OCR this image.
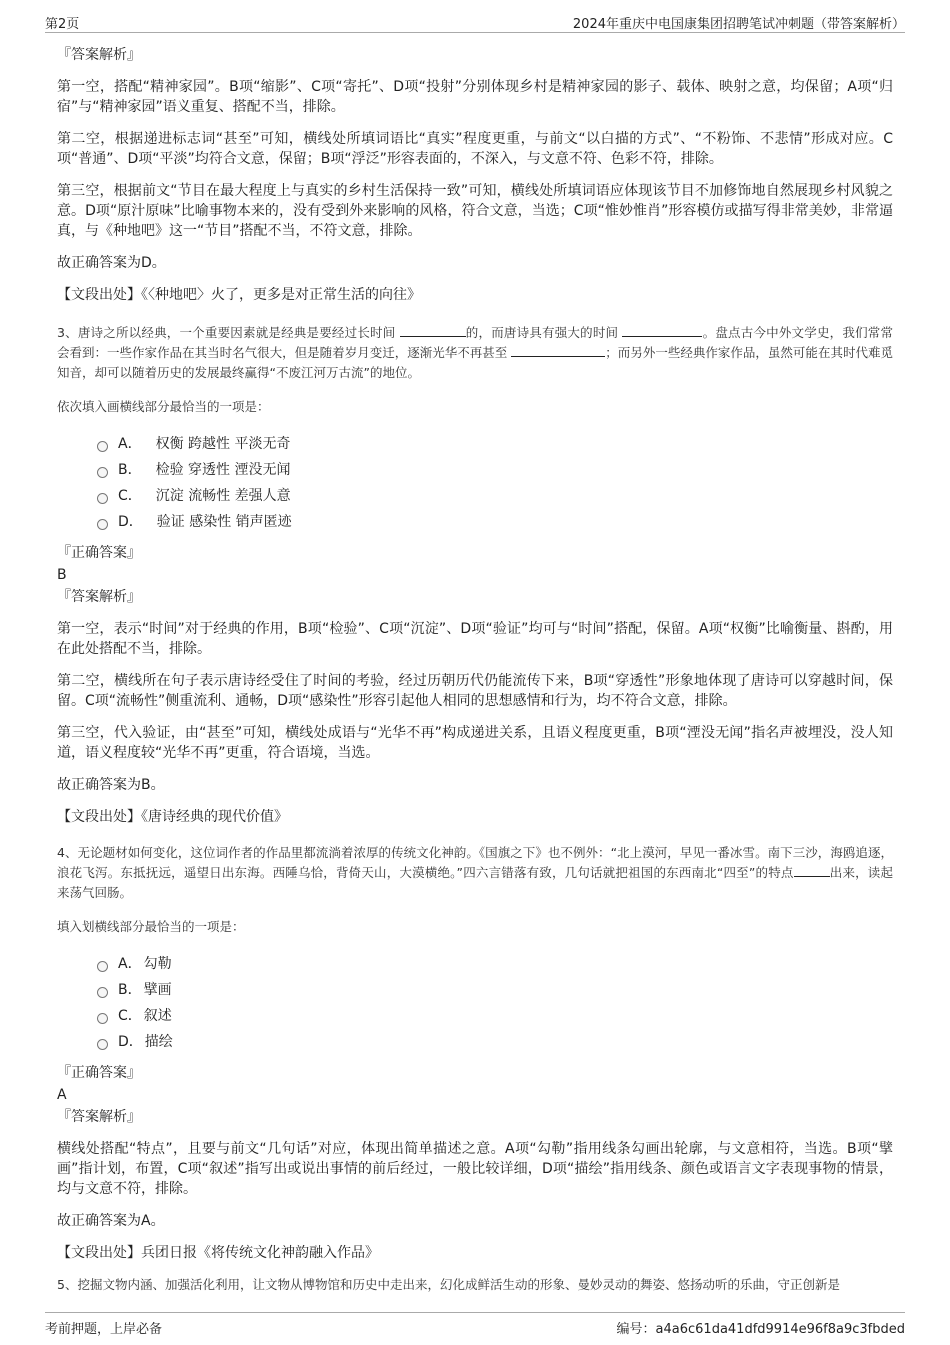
第2页	2024年重庆中电国康集团招聘笔试冲刺题（带答案解析）
『答案解析』

第一空，搭配“精神家园”。B项“缩影”、C项“寄托”、D项“投射”分别体现乡村是精神家园的影子、载体、映射之意，均保留；A项“归宿”与“精神家园”语义重复、搭配不当，排除。

第二空，根据递进标志词“甚至”可知，横线处所填词语比“真实”程度更重，与前文“以白描的方式”、“不粉饰、不悲情”形成对应。C项“普通”、D项“平淡”均符合文意，保留；B项“浮泛”形容表面的，不深入，与文意不符、色彩不符，排除。

第三空，根据前文“节目在最大程度上与真实的乡村生活保持一致”可知，横线处所填词语应体现该节目不加修饰地自然展现乡村风貌之意。D项“原汁原味”比喻事物本来的，没有受到外来影响的风格，符合文意，当选；C项“惟妙惟肖”形容模仿或描写得非常美妙，非常逼真，与《种地吧》这一“节目”搭配不当，不符文意，排除。

故正确答案为D。

【文段出处】《〈种地吧〉火了，更多是对正常生活的向往》

3、唐诗之所以经典，一个重要因素就是经典是要经过长时间	的，而唐诗具有强大的时间	。盘点古今中外文学史，我们常常会看到：一些作家作品在其当时名气很大，但是随着岁月变迁，逐渐光华不再甚至	；而另外一些经典作家作品，虽然可能在其时代难觅知音，却可以随着历史的发展最终赢得“不废江河万古流”的地位。

依次填入画横线部分最恰当的一项是：

A． 权衡 跨越性 平淡无奇
B． 检验 穿透性 湮没无闻
C． 沉淀 流畅性 差强人意
D． 验证 感染性 销声匿迹
『正确答案』
B
『答案解析』

第一空，表示“时间”对于经典的作用，B项“检验”、C项“沉淀”、D项“验证”均可与“时间”搭配，保留。A项“权衡”比喻衡量、斟酌，用在此处搭配不当，排除。

第二空，横线所在句子表示唐诗经受住了时间的考验，经过历朝历代仍能流传下来，B项“穿透性”形象地体现了唐诗可以穿越时间，保留。C项“流畅性”侧重流利、通畅，D项“感染性”形容引起他人相同的思想感情和行为，均不符合文意，排除。

第三空，代入验证，由“甚至”可知，横线处成语与“光华不再”构成递进关系，且语义程度更重，B项“湮没无闻”指名声被埋没，没人知道，语义程度较“光华不再”更重，符合语境，当选。

故正确答案为B。

【文段出处】《唐诗经典的现代价值》

4、无论题材如何变化，这位词作者的作品里都流淌着浓厚的传统文化神韵。《国旗之下》也不例外：“北上漠河，早见一番冰雪。南下三沙，海鸥追逐，浪花飞泻。东抵抚远，遥望日出东海。西陲乌恰，背倚天山，大漠横绝。”四六言错落有致，几句话就把祖国的东西南北“四至”的特点	出来，读起来荡气回肠。

填入划横线部分最恰当的一项是：

A． 勾勒
B． 擘画
C． 叙述
D． 描绘
『正确答案』
A
『答案解析』

横线处搭配“特点”，且要与前文“几句话”对应，体现出简单描述之意。A项“勾勒”指用线条勾画出轮廓，与文意相符，当选。B项“擘画”指计划，布置，C项“叙述”指写出或说出事情的前后经过，一般比较详细，D项“描绘”指用线条、颜色或语言文字表现事物的情景，均与文意不符，排除。

故正确答案为A。

【文段出处】兵团日报《将传统文化神韵融入作品》

5、挖掘文物内涵、加强活化利用，让文物从博物馆和历史中走出来，幻化成鲜活生动的形象、曼妙灵动的舞姿、悠扬动听的乐曲，守正创新是

考前押题，上岸必备	编号：a4a6c61da41dfd9914e96f8a9c3fbded
